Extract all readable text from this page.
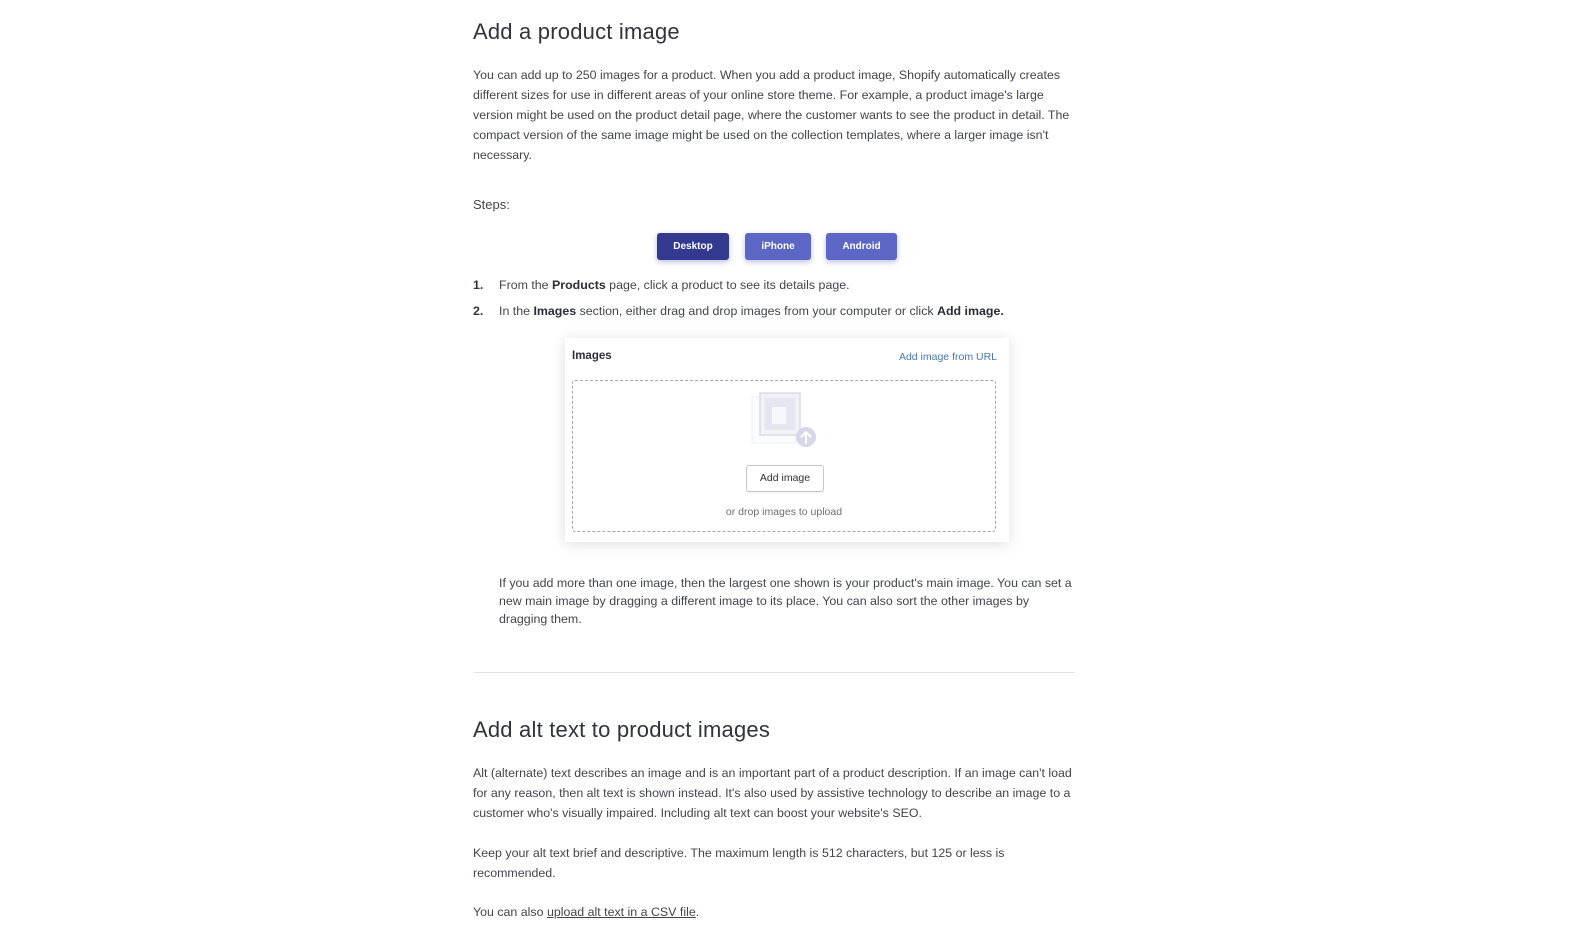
Add a product image

You can add up to 250 images for a product. When you add a product image, Shopify automatically creates different sizes for use in different areas of your online store theme. For example, a product image's large version might be used on the product detail page, where the customer wants to see the product in detail. The compact version of the same image might be used on the collection templates, where a larger image isn't necessary.

Steps:
Desktop	iPhone	Android
1. From the Products page, click a product to see its details page.
2. In the Images section, either drag and drop images from your computer or click Add image.
Images	Add image from URL
Add image
or drop images to upload

If you add more than one image, then the largest one shown is your product's main image. You can set a new main image by dragging a different image to its place. You can also sort the other images by dragging them.

Add alt text to product images

Alt (alternate) text describes an image and is an important part of a product description. If an image can't load for any reason, then alt text is shown instead. It's also used by assistive technology to describe an image to a customer who's visually impaired. Including alt text can boost your website's SEO.

Keep your alt text brief and descriptive. The maximum length is 512 characters, but 125 or less is recommended.

You can also upload alt text in a CSV file.
